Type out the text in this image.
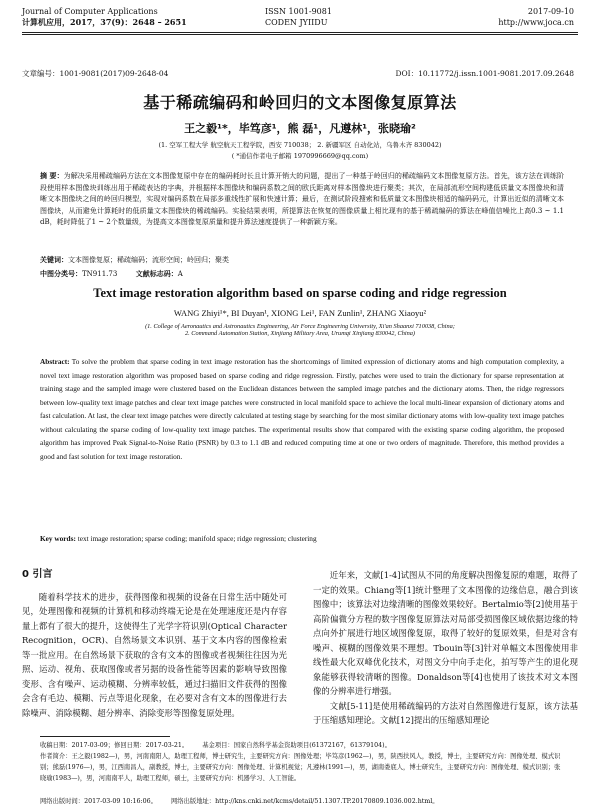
Journal of Computer Applications
计算机应用，2017，37(9)：2648 – 2651
ISSN 1001-9081
CODEN JYIIDU
2017-09-10
http://www.joca.cn
文章编号：1001-9081(2017)09-2648-04	DOI：10.11772/j.issn.1001-9081.2017.09.2648
基于稀疏编码和岭回归的文本图像复原算法
王之毅¹*，毕笃彦¹，熊 磊¹，凡遵林¹，张晓瑜²
(1. 空军工程大学 航空航天工程学院，西安 710038； 2. 新疆军区 自动化站，乌鲁木齐 830042)
( *通信作者电子邮箱 1970996669@qq.com)
摘 要：为解决采用稀疏编码方法在文本图像复原中存在的编码耗时长且计算开销大的问题，提出了一种基于岭回归的稀疏编码文本图像复原方法。首先，该方法在训练阶段使用样本图像块训练出用于稀疏表达的字典，并根据样本图像块和编码系数之间的欧氏距离对样本图像块进行聚类；其次，在局部流形空间构建低质量文本图像块和清晰文本图像块之间的岭回归模型，实现对编码系数在局部多重线性扩展和快速计算；最后，在测试阶段搜索和低质量文本图像块相适的编码码元，计算出近似的清晰文本图像块，从而避免计算耗时的低质量文本图像块的稀疏编码。实验结果表明，所提算法在恢复的图像质量上相比现有的基于稀疏编码的算法在峰值信噪比上高0.3 ~ 1.1 dB，耗时降低了1 ~ 2个数量级，为提高文本图像复原质量和提升算法速度提供了一种新颖方案。
关键词：文本图像复原；稀疏编码；流形空间；岭回归；聚类
中图分类号：TN911.73	文献标志码：A
Text image restoration algorithm based on sparse coding and ridge regression
WANG Zhiyi¹*, BI Duyan¹, XIONG Lei¹, FAN Zunlin¹, ZHANG Xiaoyu²
(1. College of Aeronautics and Astronautics Engineering, Air Force Engineering University, Xi'an Shaanxi 710038, China;
2. Command Automation Station, Xinjiang Military Area, Urumqi Xinjiang 830042, China)
Abstract: To solve the problem that sparse coding in text image restoration has the shortcomings of limited expression of dictionary atoms and high computation complexity, a novel text image restoration algorithm was proposed based on sparse coding and ridge regression. Firstly, patches were used to train the dictionary for sparse representation at training stage and the sampled image were clustered based on the Euclidean distances between the sampled image patches and the dictionary atoms. Then, the ridge regressors between low-quality text image patches and clear text image patches were constructed in local manifold space to achieve the local multi-linear expansion of dictionary atoms and fast calculation. At last, the clear text image patches were directly calculated at testing stage by searching for the most similar dictionary atoms with low-quality text image patches without calculating the sparse coding of low-quality text image patches. The experimental results show that compared with the existing sparse coding algorithm, the proposed algorithm has improved Peak Signal-to-Noise Ratio (PSNR) by 0.3 to 1.1 dB and reduced computing time at one or two orders of magnitude. Therefore, this method provides a good and fast solution for text image restoration.
Key words: text image restoration; sparse coding; manifold space; ridge regression; clustering
0 引言
随着科学技术的进步，获得图像和视频的设备在日常生活中随处可见，处理图像和视频的计算机和移动终端无论是在处理速度还是内存容量上都有了很大的提升，这使得生了光学字符识别(Optical Character Recognition，OCR)、自然场景文本识别、基于文本内容的图像检索等一批应用。在自然场景下获取的含有文本的图像或者视频往往因为光照、运动、视角、获取图像或者另据的设备性能等因素的影响导致图像变形、含有噪声、运动模糊、分辨率较低，通过扫描旧文件获得的图像会含有毛边、模糊、污点等退化现象，在必要对含有文本的图像进行去除噪声、消除模糊、超分辨率、消除变形等图像复原处理。
近年来，文献[1-4]试图从不同的角度解决图像复原的难题，取得了一定的效果。Chiang等[1]统计整理了文本图像的边缘信息，融合到该图像中；该算法对边缘清晰的图像效果较好。Bertalmio等[2]使用基于高阶偏微分方程的数字图像复原算法对局部受损图像区域依据边缘的特点向外扩展进行地区域图像复原，取得了较好的复原效果，但是对含有噪声、模糊的图像效果不理想。Tbouin等[3]针对单幅文本图像使用非线性最大化双峰优化技术，对图文分中向手走化，拍写等产生的退化现象能够获得较清晰的图像。Donaldson等[4]也使用了该技术对文本图像的分辨率进行增强。
文献[5-11]是使用稀疏编码的方法对自然图像进行复原，该方法基于压缩感知理论。文献[12]提出的压缩感知理论
收稿日期：2017-03-09；修回日期：2017-03-21。 基金项目：国家自然科学基金资助项目(61372167，61379104)。
作者简介：王之毅(1982—)，男，河南南阳人，助理工程师，博士研究生，主要研究方向：图像处理；毕笃彦(1962—)，男，陕西扶风人，教授，博士，主要研究方向：图像处理、模式识别；熊磊(1976—)，男，江西南昌人，副教授，博士，主要研究方向：图像处理、计算机视觉；凡遵林(1991—)，男，湖南娄底人，博士研究生，主要研究方向：图像处理、模式识别；张晓瑜(1983—)，男，河南南平人，助理工程师，硕士，主要研究方向：机器学习、人工智能。
网络出版时间：2017-03-09 10:16:06。 网络出版地址：http://kns.cnki.net/kcms/detail/51.1307.TP.20170809.1036.002.html。
